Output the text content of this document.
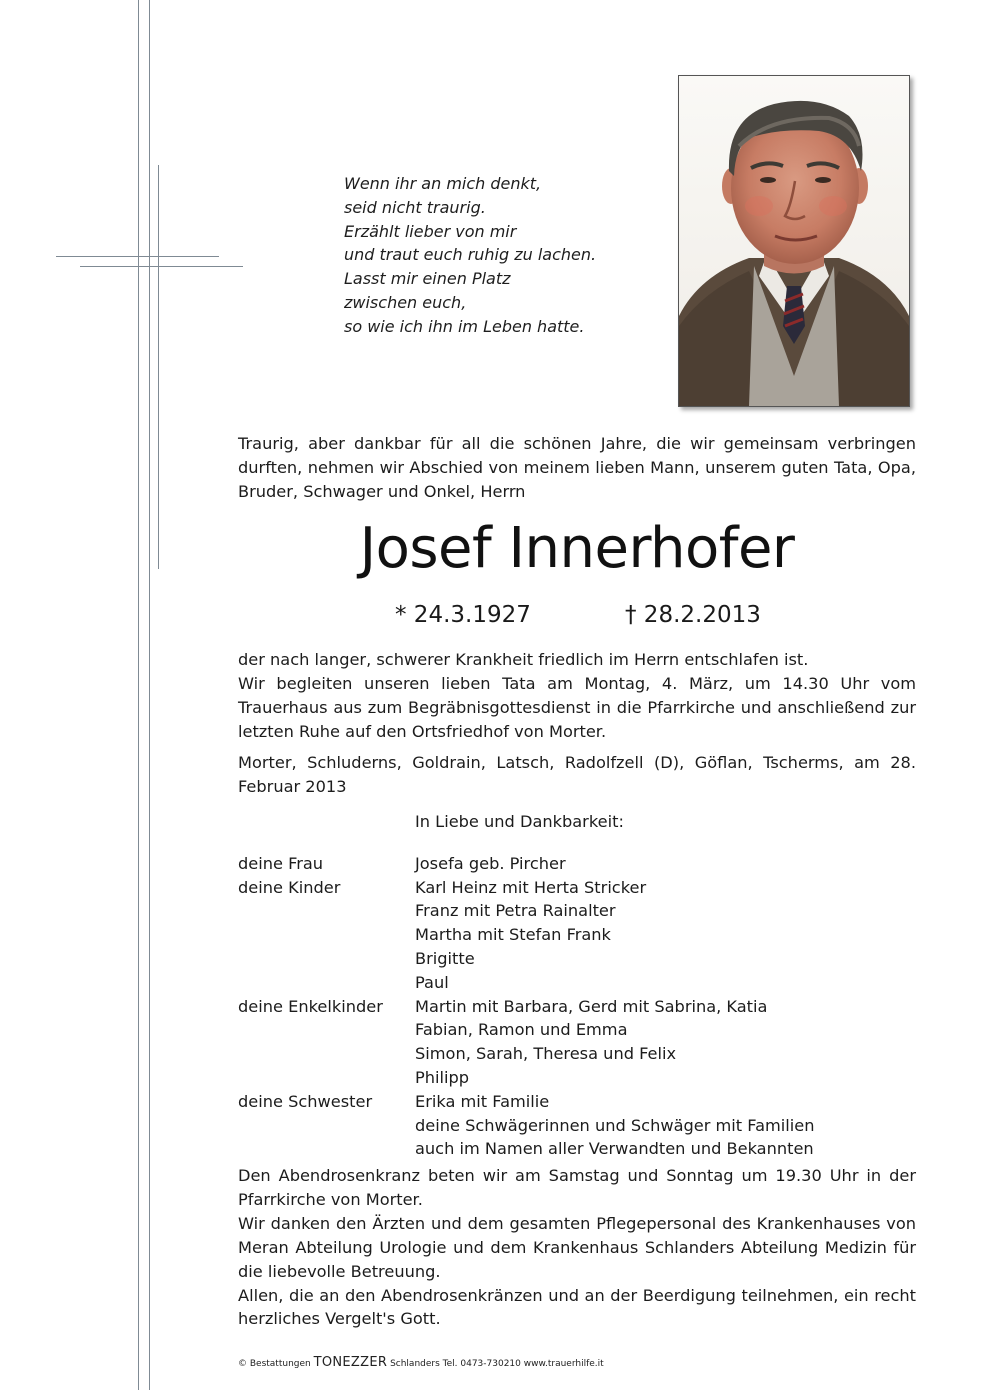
Wenn ihr an mich denkt,
seid nicht traurig.
Erzählt lieber von mir
und traut euch ruhig zu lachen.
Lasst mir einen Platz
zwischen euch,
so wie ich ihn im Leben hatte.
Traurig, aber dankbar für all die schönen Jahre, die wir gemeinsam verbringen durften, nehmen wir Abschied von meinem lieben Mann, unserem guten Tata, Opa, Bruder, Schwager und Onkel, Herrn
Josef Innerhofer
* 24.3.1927	† 28.2.2013
der nach langer, schwerer Krankheit friedlich im Herrn entschlafen ist.
Wir begleiten unseren lieben Tata am Montag, 4. März, um 14.30 Uhr vom Trauerhaus aus zum Begräbnisgottesdienst in die Pfarrkirche und anschließend zur letzten Ruhe auf den Ortsfriedhof von Morter.
Morter, Schluderns, Goldrain, Latsch, Radolfzell (D), Göflan, Tscherms, am 28. Februar 2013
In Liebe und Dankbarkeit:
deine Frau	Josefa geb. Pircher
deine Kinder	Karl Heinz mit Herta Stricker
Franz mit Petra Rainalter
Martha mit Stefan Frank
Brigitte
Paul
deine Enkelkinder	Martin mit Barbara, Gerd mit Sabrina, Katia
Fabian, Ramon und Emma
Simon, Sarah, Theresa und Felix
Philipp
deine Schwester	Erika mit Familie
deine Schwägerinnen und Schwäger mit Familien
auch im Namen aller Verwandten und Bekannten
Den Abendrosenkranz beten wir am Samstag und Sonntag um 19.30 Uhr in der Pfarrkirche von Morter.
Wir danken den Ärzten und dem gesamten Pflegepersonal des Krankenhauses von Meran Abteilung Urologie und dem Krankenhaus Schlanders Abteilung Medizin für die liebevolle Betreuung.
Allen, die an den Abendrosenkränzen und an der Beerdigung teilnehmen, ein recht herzliches Vergelt's Gott.
© Bestattungen TONEZZER Schlanders Tel. 0473-730210 www.trauerhilfe.it
